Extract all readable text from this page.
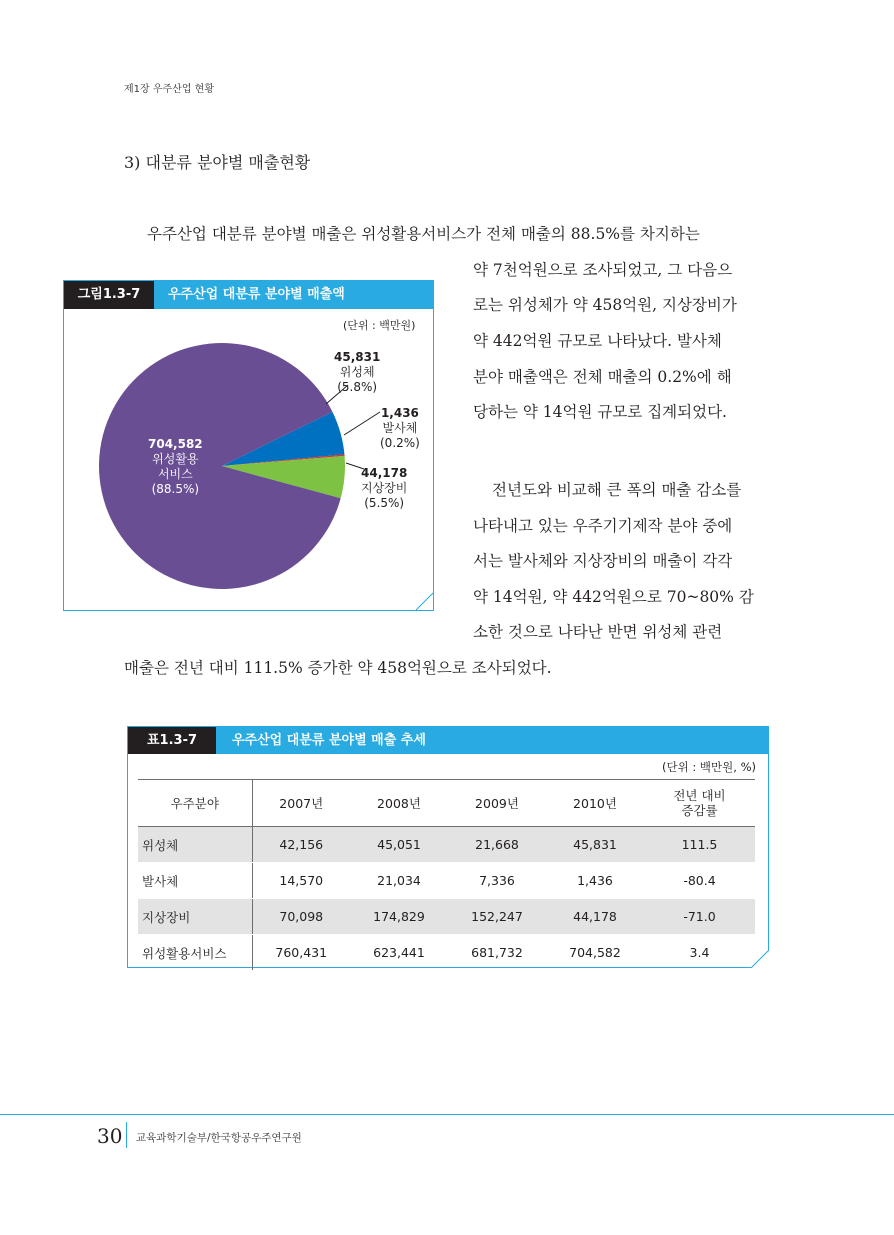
제1장 우주산업 현황
3) 대분류 분야별 매출현황
우주산업 대분류 분야별 매출은 위성활용서비스가 전체 매출의 88.5%를 차지하는
약 7천억원으로 조사되었고, 그 다음으
로는 위성체가 약 458억원, 지상장비가
약 442억원 규모로 나타났다. 발사체
분야 매출액은 전체 매출의 0.2%에 해
당하는 약 14억원 규모로 집계되었다.
전년도와 비교해 큰 폭의 매출 감소를
나타내고 있는 우주기기제작 분야 중에
서는 발사체와 지상장비의 매출이 각각
약 14억원, 약 442억원으로 70~80% 감
소한 것으로 나타난 반면 위성체 관련
매출은 전년 대비 111.5% 증가한 약 458억원으로 조사되었다.
그림1.3-7	우주산업 대분류 분야별 매출액
(단위 : 백만원)
45,831
위성체
(5.8%)
1,436
발사체
(0.2%)
44,178
지상장비
(5.5%)
704,582
위성활용
서비스
(88.5%)
표1.3-7	우주산업 대분류 분야별 매출 추세
(단위 : 백만원, %)
우주분야	2007년	2008년	2009년	2010년	전년 대비
증감률
위성체	42,156	45,051	21,668	45,831	111.5
발사체	14,570	21,034	7,336	1,436	-80.4
지상장비	70,098	174,829	152,247	44,178	-71.0
위성활용서비스	760,431	623,441	681,732	704,582	3.4
30 교육과학기술부/한국항공우주연구원
